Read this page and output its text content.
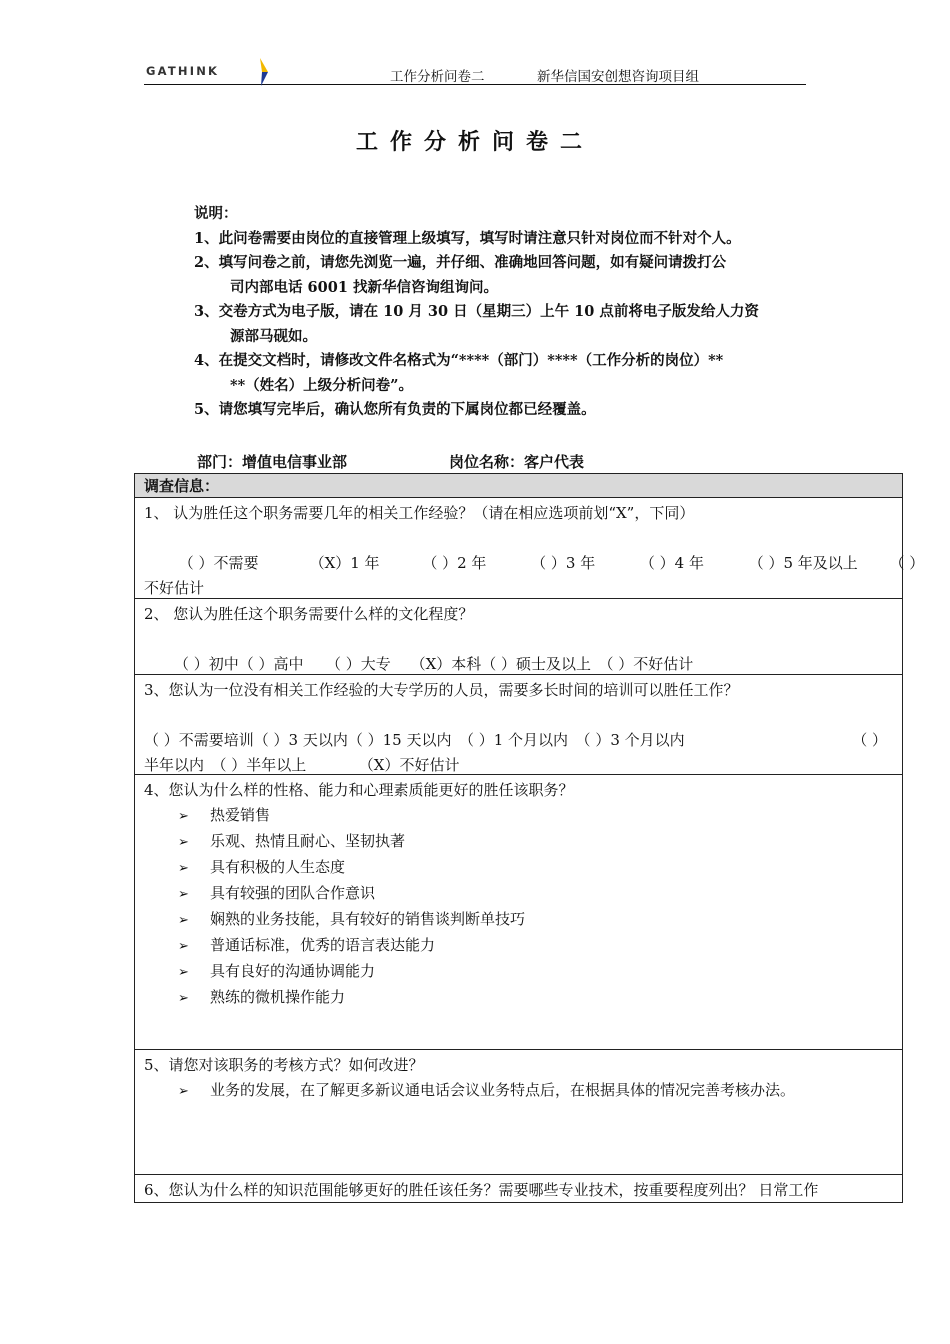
GATHINK	工作分析问卷二	新华信国安创想咨询项目组
工作分析问卷二
说明：
1、此问卷需要由岗位的直接管理上级填写，填写时请注意只针对岗位而不针对个人。
2、填写问卷之前，请您先浏览一遍，并仔细、准确地回答问题，如有疑问请拨打公
司内部电话 6001 找新华信咨询组询问。
3、交卷方式为电子版，请在 10 月 30 日（星期三）上午 10 点前将电子版发给人力资
源部马砚如。
4、在提交文档时，请修改文件名格式为“****（部门）****（工作分析的岗位）**
**（姓名）上级分析问卷”。
5、请您填写完毕后，确认您所有负责的下属岗位都已经覆盖。
部门：增值电信事业部	岗位名称：客户代表
调查信息：
1、 认为胜任这个职务需要几年的相关工作经验？（请在相应选项前划“X”，下同）
（ ）不需要	（X）1 年	（ ）2 年	（ ）3 年	（ ）4 年	（ ）5 年及以上 （ ）
不好估计
2、 您认为胜任这个职务需要什么样的文化程度？
（ ）初中（ ）高中　　（ ）大专　 （X）本科（ ）硕士及以上　（ ）不好估计
3、您认为一位没有相关工作经验的大专学历的人员，需要多长时间的培训可以胜任工作？
（ ）不需要培训（ ）3 天以内（ ）15 天以内　（ ）1 个月以内　（ ）3 个月以内	（ ）
半年以内　（ ）半年以上　　　　（X）不好估计
4、您认为什么样的性格、能力和心理素质能更好的胜任该职务？
➢ 热爱销售
➢ 乐观、热情且耐心、坚韧执著
➢ 具有积极的人生态度
➢ 具有较强的团队合作意识
➢ 娴熟的业务技能，具有较好的销售谈判断单技巧
➢ 普通话标准，优秀的语言表达能力
➢ 具有良好的沟通协调能力
➢ 熟练的微机操作能力
5、请您对该职务的考核方式？如何改进？
➢ 业务的发展，在了解更多新议通电话会议业务特点后，在根据具体的情况完善考核办法。
6、您认为什么样的知识范围能够更好的胜任该任务？需要哪些专业技术，按重要程度列出？ 日常工作
